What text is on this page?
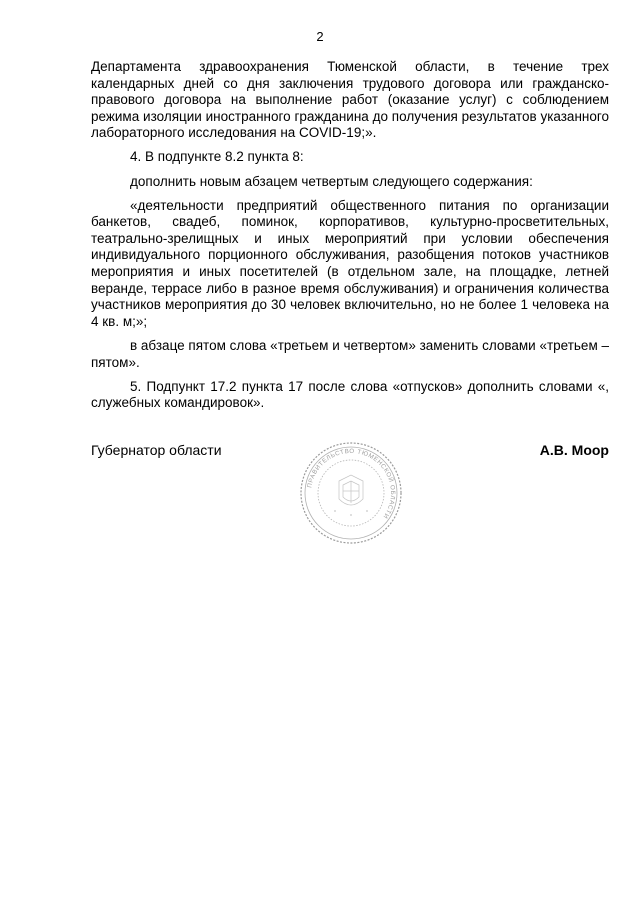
2

Департамента здравоохранения Тюменской области, в течение трех календарных дней со дня заключения трудового договора или гражданско-правового договора на выполнение работ (оказание услуг) с соблюдением режима изоляции иностранного гражданина до получения результатов указанного лабораторного исследования на COVID-19;».

4. В подпункте 8.2 пункта 8:

дополнить новым абзацем четвертым следующего содержания:

«деятельности предприятий общественного питания по организации банкетов, свадеб, поминок, корпоративов, культурно-просветительных, театрально-зрелищных и иных мероприятий при условии обеспечения индивидуального порционного обслуживания, разобщения потоков участников мероприятия и иных посетителей (в отдельном зале, на площадке, летней веранде, террасе либо в разное время обслуживания) и ограничения количества участников мероприятия до 30 человек включительно, но не более 1 человека на 4 кв. м;»;

в абзаце пятом слова «третьем и четвертом» заменить словами «третьем – пятом».

5. Подпункт 17.2 пункта 17 после слова «отпусков» дополнить словами «, служебных командировок».

ПРАВИТЕЛЬСТВО ТЮМЕНСКОЙ ОБЛАСТИ
Губернатор области	А.В. Моор
